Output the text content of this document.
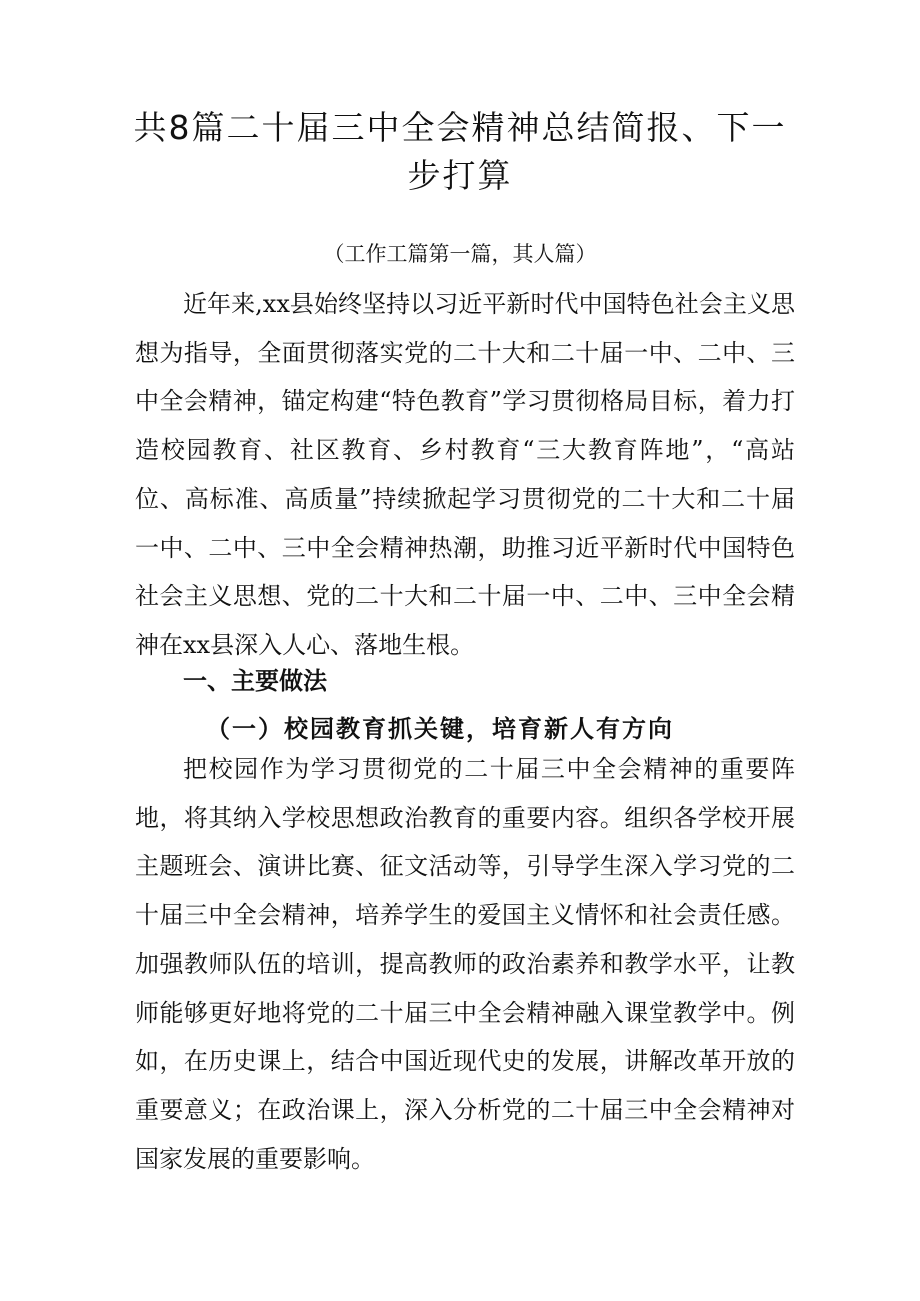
共8篇二十届三中全会精神总结简报、下一步打算

（工作工篇第一篇，其人篇）

近年来,xx县始终坚持以习近平新时代中国特色社会主义思想为指导，全面贯彻落实党的二十大和二十届一中、二中、三中全会精神，锚定构建“特色教育”学习贯彻格局目标，着力打造校园教育、社区教育、乡村教育“三大教育阵地”，“高站位、高标准、高质量”持续掀起学习贯彻党的二十大和二十届一中、二中、三中全会精神热潮，助推习近平新时代中国特色社会主义思想、党的二十大和二十届一中、二中、三中全会精神在xx县深入人心、落地生根。

一、主要做法
（一）校园教育抓关键，培育新人有方向

把校园作为学习贯彻党的二十届三中全会精神的重要阵地，将其纳入学校思想政治教育的重要内容。组织各学校开展主题班会、演讲比赛、征文活动等，引导学生深入学习党的二十届三中全会精神，培养学生的爱国主义情怀和社会责任感。加强教师队伍的培训，提高教师的政治素养和教学水平，让教师能够更好地将党的二十届三中全会精神融入课堂教学中。例如，在历史课上，结合中国近现代史的发展，讲解改革开放的重要意义；在政治课上，深入分析党的二十届三中全会精神对国家发展的重要影响。
